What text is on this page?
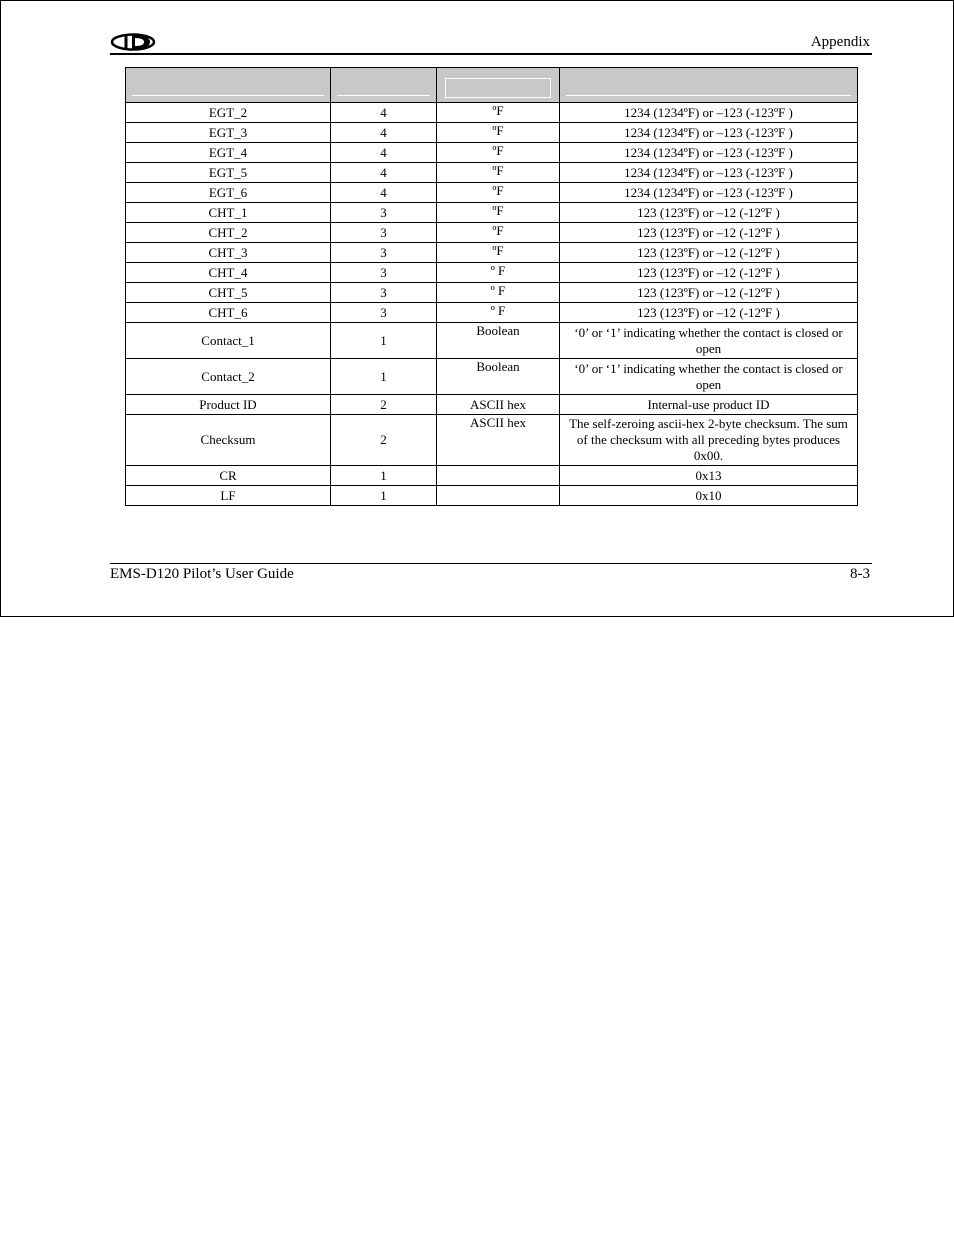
Appendix

EGT_2	4	ºF	1234 (1234ºF) or –123 (-123ºF )
EGT_3	4	ºF	1234 (1234ºF) or –123 (-123ºF )
EGT_4	4	ºF	1234 (1234ºF) or –123 (-123ºF )
EGT_5	4	ºF	1234 (1234ºF) or –123 (-123ºF )
EGT_6	4	ºF	1234 (1234ºF) or –123 (-123ºF )
CHT_1	3	ºF	123 (123ºF) or –12 (-12ºF )
CHT_2	3	ºF	123 (123ºF) or –12 (-12ºF )
CHT_3	3	ºF	123 (123ºF) or –12 (-12ºF )
CHT_4	3	º F	123 (123ºF) or –12 (-12ºF )
CHT_5	3	º F	123 (123ºF) or –12 (-12ºF )
CHT_6	3	º F	123 (123ºF) or –12 (-12ºF )
Contact_1	1	Boolean	‘0’ or ‘1’ indicating whether the contact is closed or open
Contact_2	1	Boolean	‘0’ or ‘1’ indicating whether the contact is closed or open
Product ID	2	ASCII hex	Internal-use product ID
Checksum	2	ASCII hex	The self-zeroing ascii-hex 2-byte checksum. The sum of the checksum with all preceding bytes produces 0x00.
CR	1		0x13
LF	1		0x10
EMS-D120 Pilot’s User Guide	8-3
